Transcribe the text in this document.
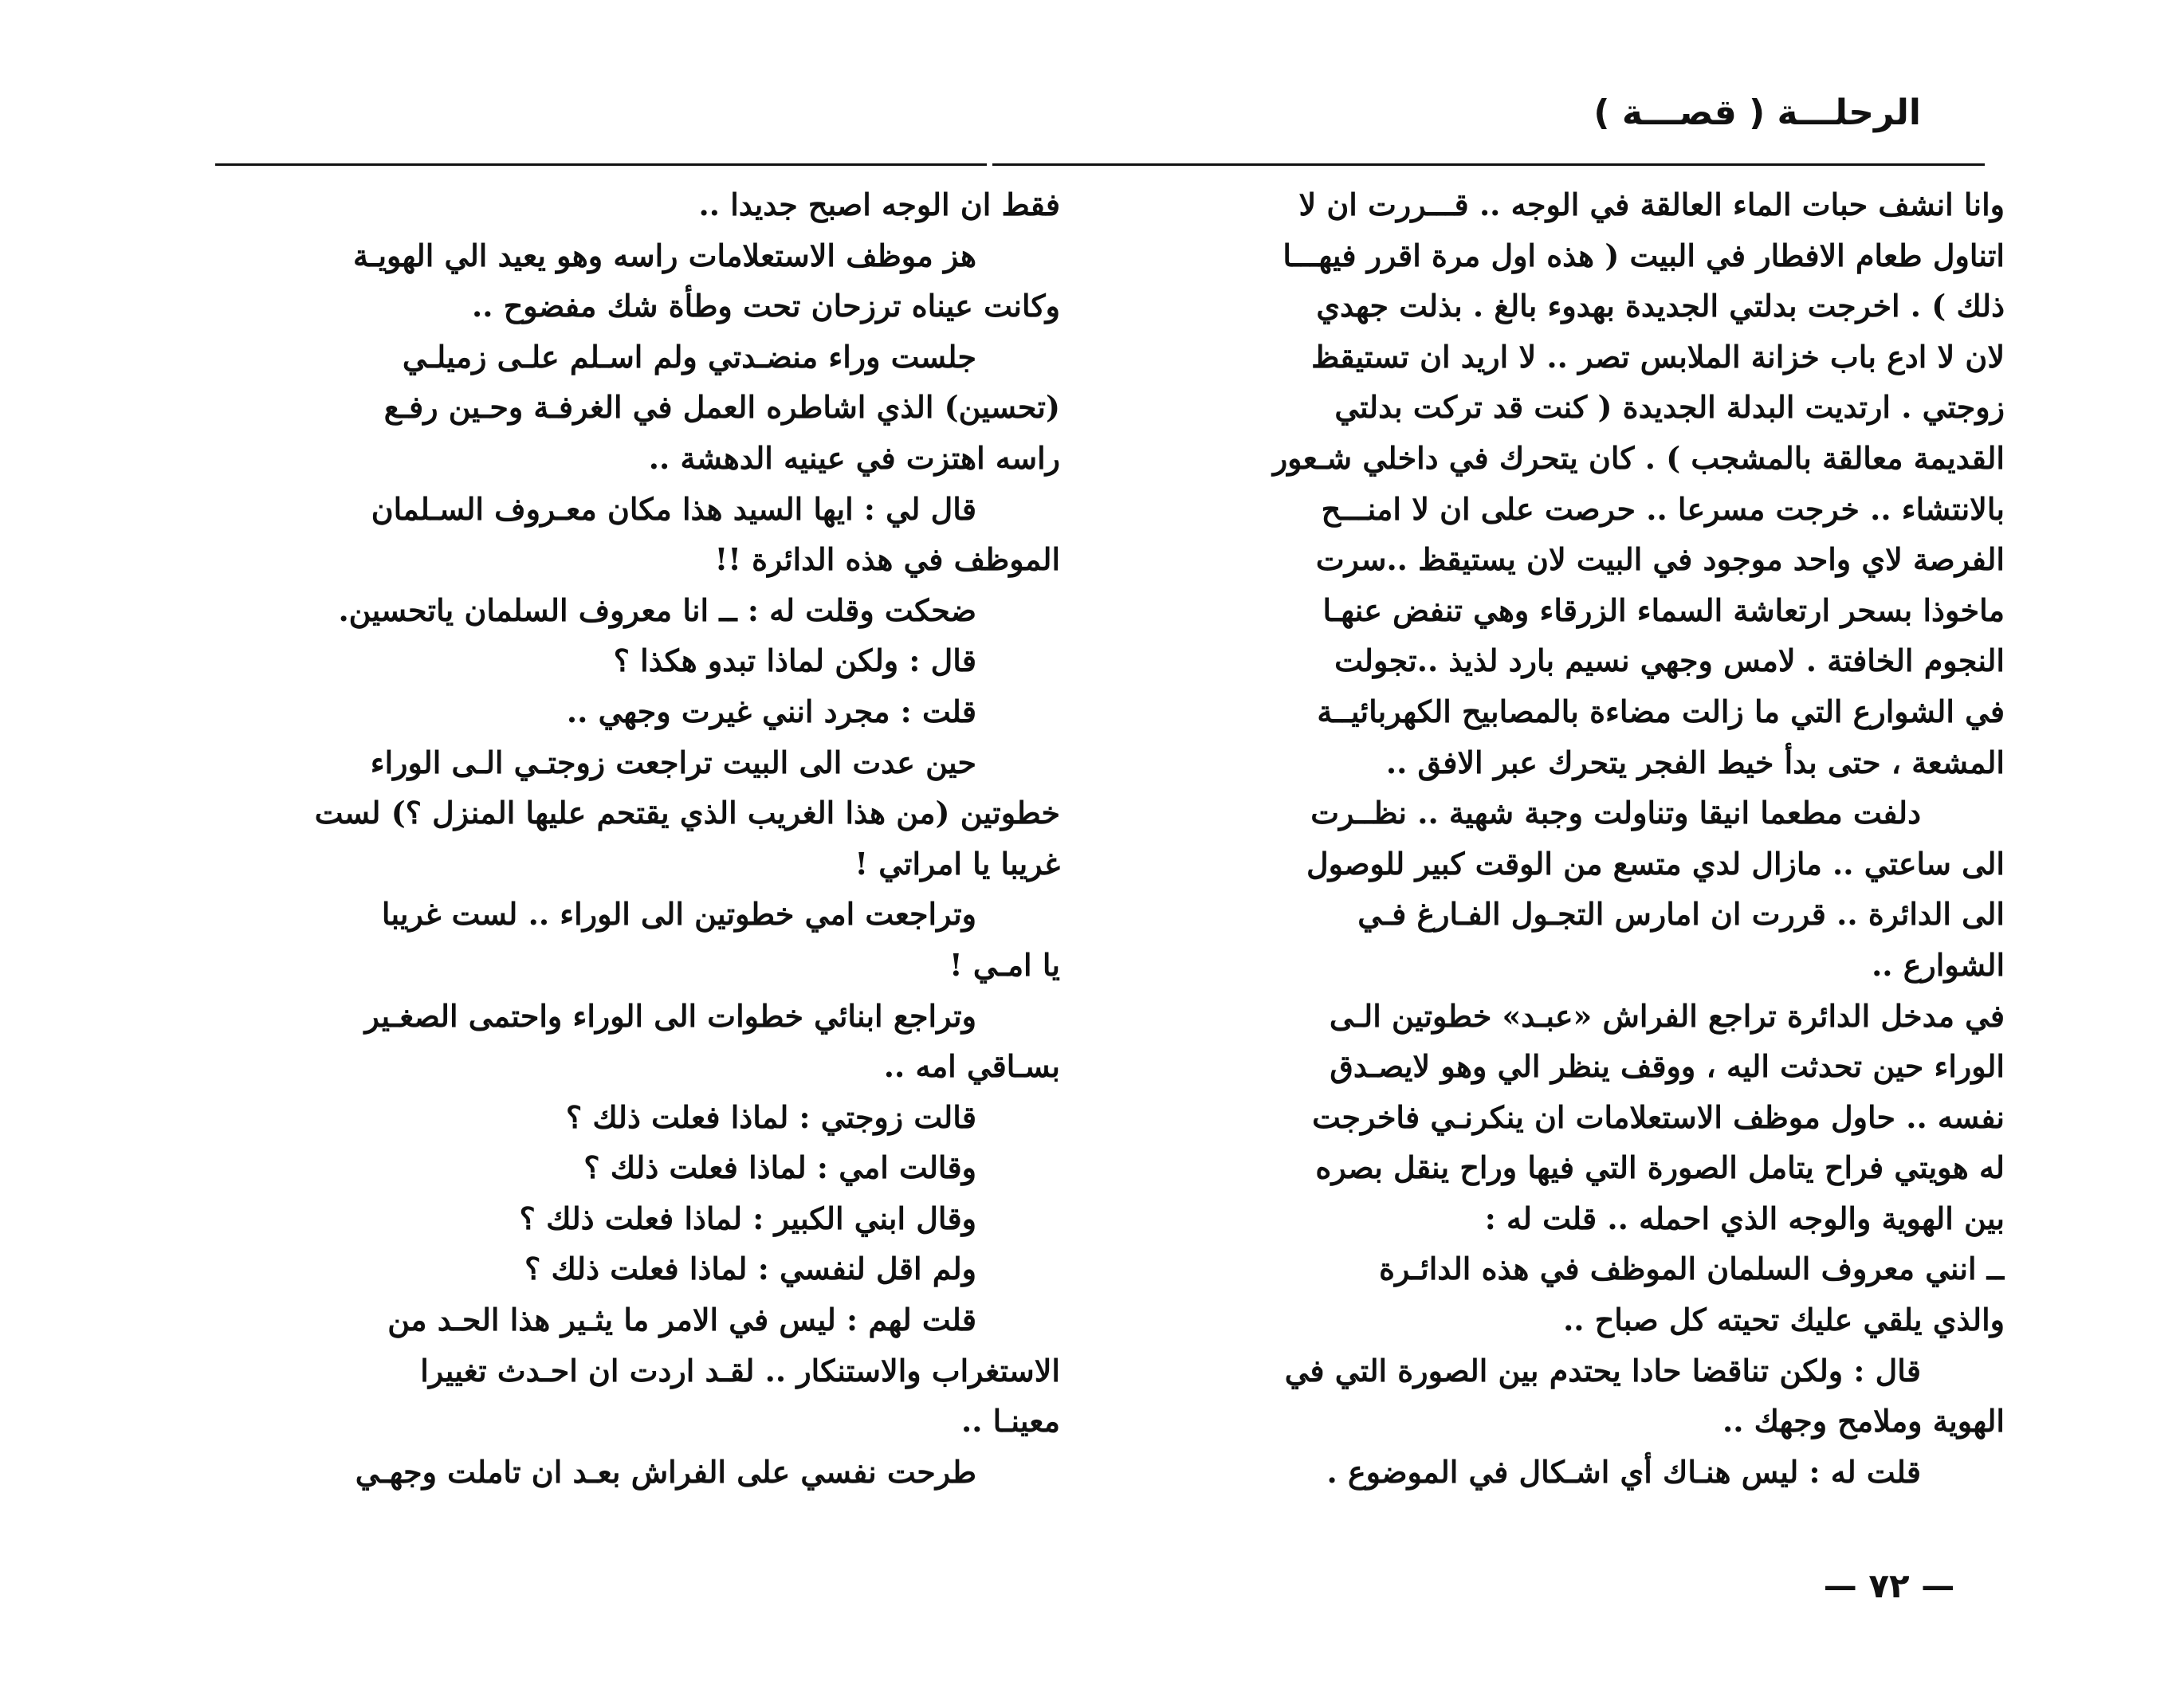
الرحلـــة ( قصـــة )
وانا انشف حبات الماء العالقة في الوجه .. قـــررت ان لا
اتناول طعام الافطار في البيت ( هذه اول مرة اقرر فيهـــا
ذلك ) . اخرجت بدلتي الجديدة بهدوء بالغ . بذلت جهدي
لان لا ادع باب خزانة الملابس تصر .. لا اريد ان تستيقظ
زوجتي . ارتديت البدلة الجديدة ( كنت قد تركت بدلتي
القديمة معالقة بالمشجب ) . كان يتحرك في داخلي شـعور
بالانتشاء .. خرجت مسرعا .. حرصت على ان لا امنـــح
الفرصة لاي واحد موجود في البيت لان يستيقظ ..سرت
ماخوذا بسحر ارتعاشة السماء الزرقاء وهي تنفض عنهـا
النجوم الخافتة . لامس وجهي نسيم بارد لذيذ ..تجولت
في الشوارع التي ما زالت مضاءة بالمصابيح الكهربائيــة
المشعة ، حتى بدأ خيط الفجر يتحرك عبر الافق ..
دلفت مطعما انيقا وتناولت وجبة شهية .. نظــرت
الى ساعتي .. مازال لدي متسع من الوقت كبير للوصول
الى الدائرة .. قررت ان امارس التجـول الفـارغ فـي
الشوارع ..
في مدخل الدائرة تراجع الفراش «عبـد» خطوتين الـى
الوراء حين تحدثت اليه ، ووقف ينظر الي وهو لايصـدق
نفسه .. حاول موظف الاستعلامات ان ينكرنـي فاخرجت
له هويتي فراح يتامل الصورة التي فيها وراح ينقل بصره
بين الهوية والوجه الذي احمله .. قلت له :
ــ انني معروف السلمان الموظف في هذه الدائـرة
والذي يلقي عليك تحيته كل صباح ..
قال : ولكن تناقضا حادا يحتدم بين الصورة التي في
الهوية وملامح وجهك ..
قلت له : ليس هنـاك أي اشـكال في الموضوع .
فقط ان الوجه اصبح جديدا ..
هز موظف الاستعلامات راسه وهو يعيد الي الهويـة
وكانت عيناه ترزحان تحت وطأة شك مفضوح ..
جلست وراء منضـدتي ولم اسـلم علـى زميلـي
(تحسين) الذي اشاطره العمل في الغرفـة وحـين رفـع
راسه اهتزت في عينيه الدهشة ..
قال لي : ايها السيد هذا مكان معـروف السـلمان
الموظف في هذه الدائرة !!
ضحكت وقلت له : ــ انا معروف السلمان ياتحسين.
قال : ولكن لماذا تبدو هكذا ؟
قلت : مجرد انني غيرت وجهي ..
حين عدت الى البيت تراجعت زوجتـي الـى الوراء
خطوتين (من هذا الغريب الذي يقتحم عليها المنزل ؟) لست
غريبا يا امراتي !
وتراجعت امي خطوتين الى الوراء .. لست غريبا
يا امـي !
وتراجع ابنائي خطوات الى الوراء واحتمى الصغـير
بسـاقي امه ..
قالت زوجتي : لماذا فعلت ذلك ؟
وقالت امي : لماذا فعلت ذلك ؟
وقال ابني الكبير : لماذا فعلت ذلك ؟
ولم اقل لنفسي : لماذا فعلت ذلك ؟
قلت لهم : ليس في الامر ما يثـير هذا الحـد من
الاستغراب والاستنكار .. لقـد اردت ان احـدث تغييرا
معينـا ..
طرحت نفسي على الفراش بعـد ان تاملت وجهـي
— ٧٢ —
